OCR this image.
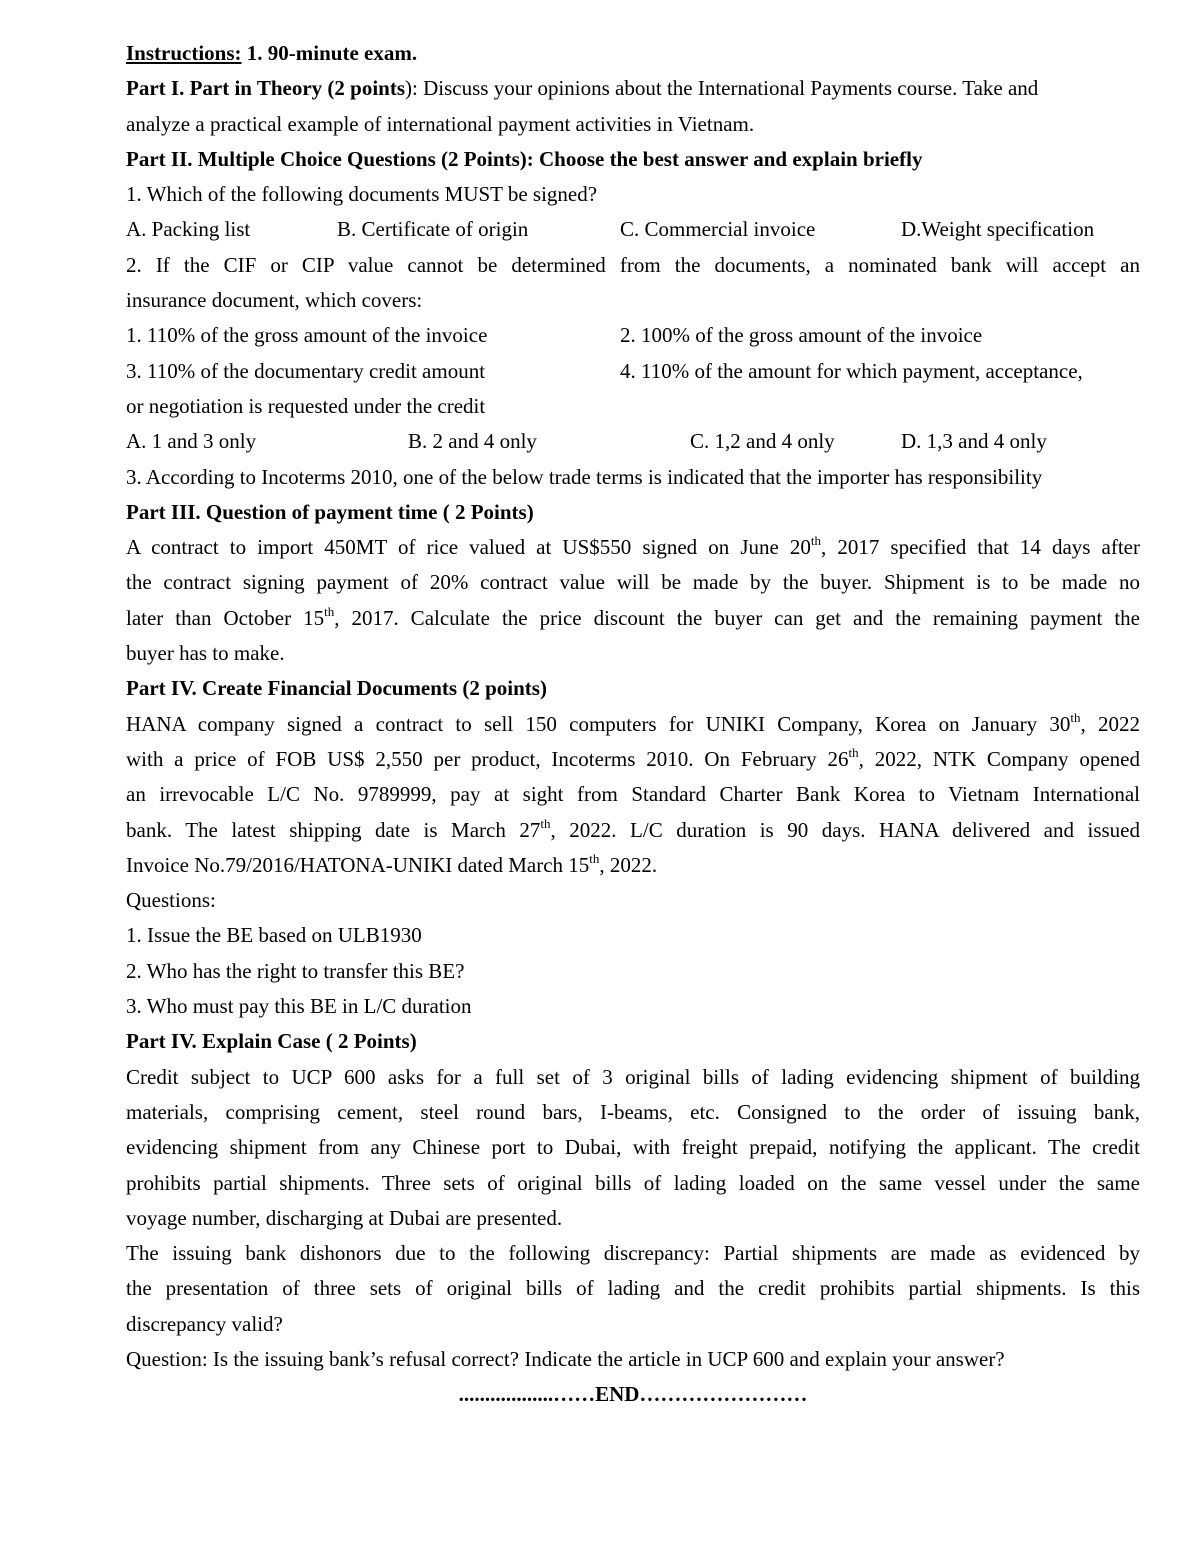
Instructions: 1. 90-minute exam.
Part I. Part in Theory (2 points): Discuss your opinions about the International Payments course. Take and
analyze a practical example of international payment activities in Vietnam.
Part II. Multiple Choice Questions (2 Points): Choose the best answer and explain briefly
1. Which of the following documents MUST be signed?
A. Packing list	B. Certificate of origin	C. Commercial invoice	D.Weight specification
2. If the CIF or CIP value cannot be determined from the documents, a nominated bank will accept an
insurance document, which covers:
1. 110% of the gross amount of the invoice	2. 100% of the gross amount of the invoice
3. 110% of the documentary credit amount	4. 110% of the amount for which payment, acceptance,
or negotiation is requested under the credit
A. 1 and 3 only	B. 2 and 4 only	C. 1,2 and 4 only	D. 1,3 and 4 only
3. According to Incoterms 2010, one of the below trade terms is indicated that the importer has responsibility
Part III. Question of payment time ( 2 Points)
A contract to import 450MT of rice valued at US$550 signed on June 20th, 2017 specified that 14 days after
the contract signing payment of 20% contract value will be made by the buyer. Shipment is to be made no
later than October 15th, 2017. Calculate the price discount the buyer can get and the remaining payment the
buyer has to make.
Part IV. Create Financial Documents (2 points)
HANA company signed a contract to sell 150 computers for UNIKI Company, Korea on January 30th, 2022
with a price of FOB US$ 2,550 per product, Incoterms 2010. On February 26th, 2022, NTK Company opened
an irrevocable L/C No. 9789999, pay at sight from Standard Charter Bank Korea to Vietnam International
bank. The latest shipping date is March 27th, 2022. L/C duration is 90 days. HANA delivered and issued
Invoice No.79/2016/HATONA-UNIKI dated March 15th, 2022.
Questions:
1. Issue the BE based on ULB1930
2. Who has the right to transfer this BE?
3. Who must pay this BE in L/C duration
Part IV. Explain Case ( 2 Points)
Credit subject to UCP 600 asks for a full set of 3 original bills of lading evidencing shipment of building
materials, comprising cement, steel round bars, I-beams, etc. Consigned to the order of issuing bank,
evidencing shipment from any Chinese port to Dubai, with freight prepaid, notifying the applicant. The credit
prohibits partial shipments. Three sets of original bills of lading loaded on the same vessel under the same
voyage number, discharging at Dubai are presented.
The issuing bank dishonors due to the following discrepancy: Partial shipments are made as evidenced by
the presentation of three sets of original bills of lading and the credit prohibits partial shipments. Is this
discrepancy valid?
Question: Is the issuing bank’s refusal correct? Indicate the article in UCP 600 and explain your answer?
..................……END……………………
